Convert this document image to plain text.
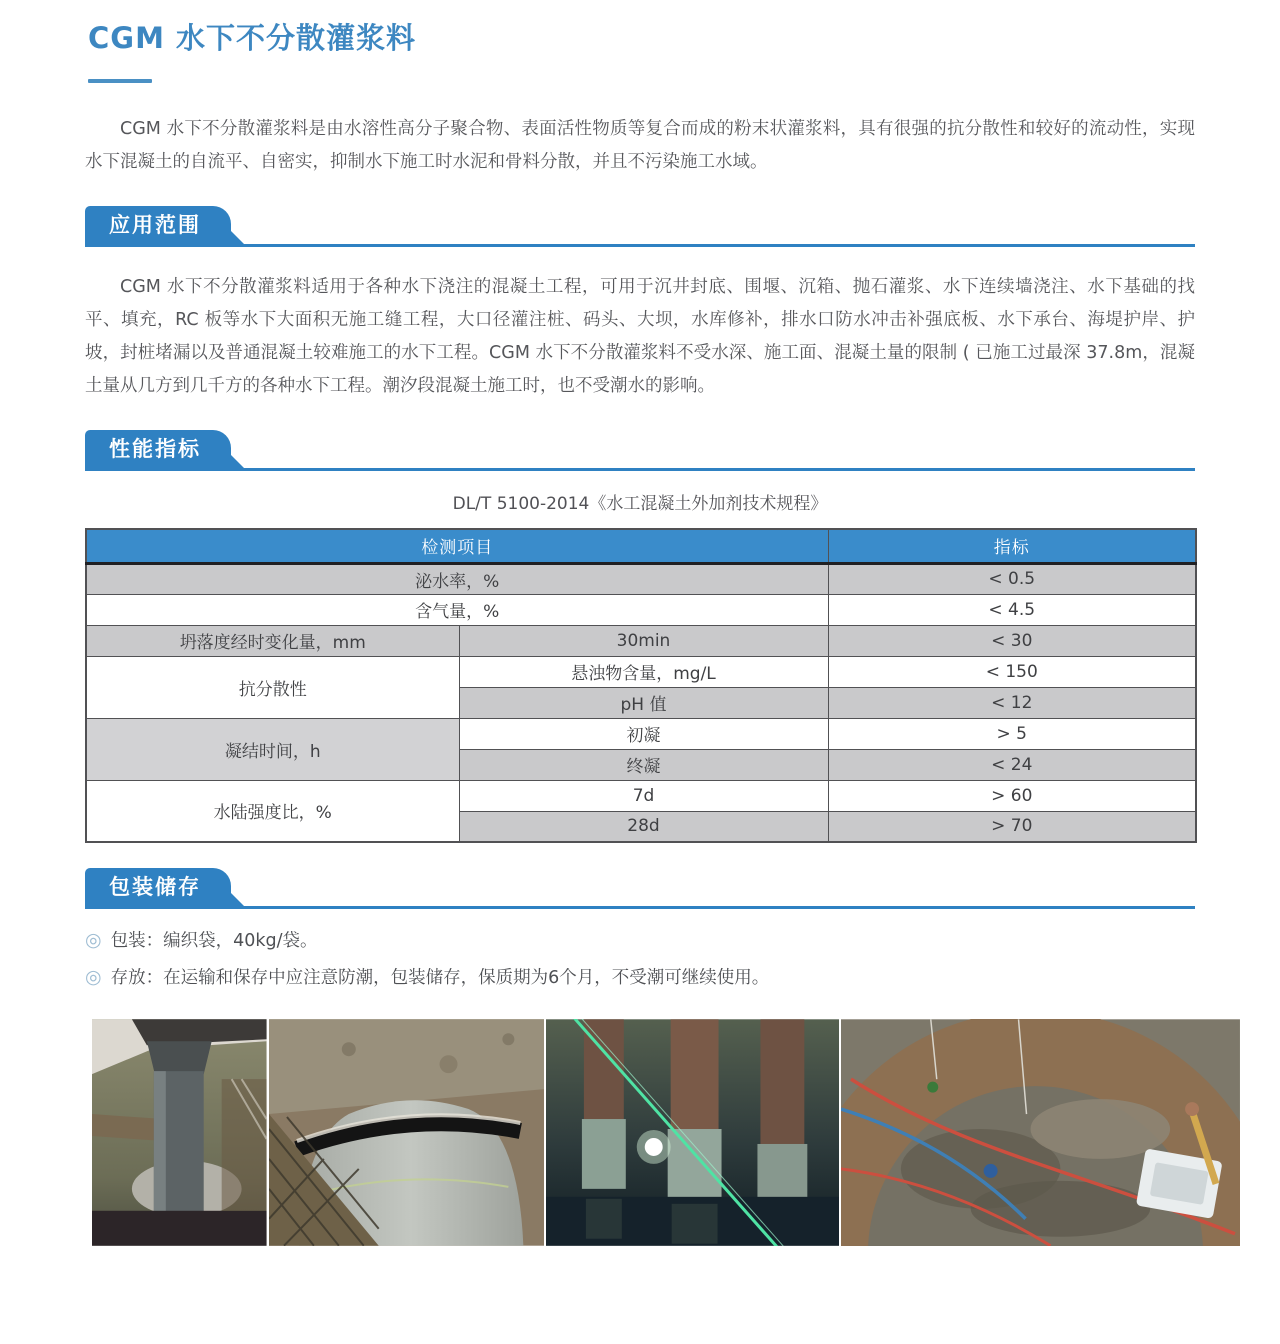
CGM 水下不分散灌浆料

CGM 水下不分散灌浆料是由水溶性高分子聚合物、表面活性物质等复合而成的粉末状灌浆料，具有很强的抗分散性和较好的流动性，实现水下混凝土的自流平、自密实，抑制水下施工时水泥和骨料分散，并且不污染施工水域。

应用范围

CGM 水下不分散灌浆料适用于各种水下浇注的混凝土工程，可用于沉井封底、围堰、沉箱、抛石灌浆、水下连续墙浇注、水下基础的找平、填充，RC 板等水下大面积无施工缝工程，大口径灌注桩、码头、大坝，水库修补，排水口防水冲击补强底板、水下承台、海堤护岸、护坡，封桩堵漏以及普通混凝土较难施工的水下工程。CGM 水下不分散灌浆料不受水深、施工面、混凝土量的限制 ( 已施工过最深 37.8m，混凝土量从几方到几千方的各种水下工程。潮汐段混凝土施工时，也不受潮水的影响。

性能指标

DL/T 5100-2014《水工混凝土外加剂技术规程》

检测项目		指标
泌水率，%		< 0.5
含气量，%		< 4.5
坍落度经时变化量，mm	30min	< 30
抗分散性	悬浊物含量，mg/L	< 150
	pH 值	< 12
凝结时间，h	初凝	> 5
	终凝	< 24
水陆强度比，%	7d	> 60
	28d	> 70
包装储存
◎ 包装：编织袋，40kg/袋。
◎ 存放：在运输和保存中应注意防潮，包装储存，保质期为6个月，不受潮可继续使用。
